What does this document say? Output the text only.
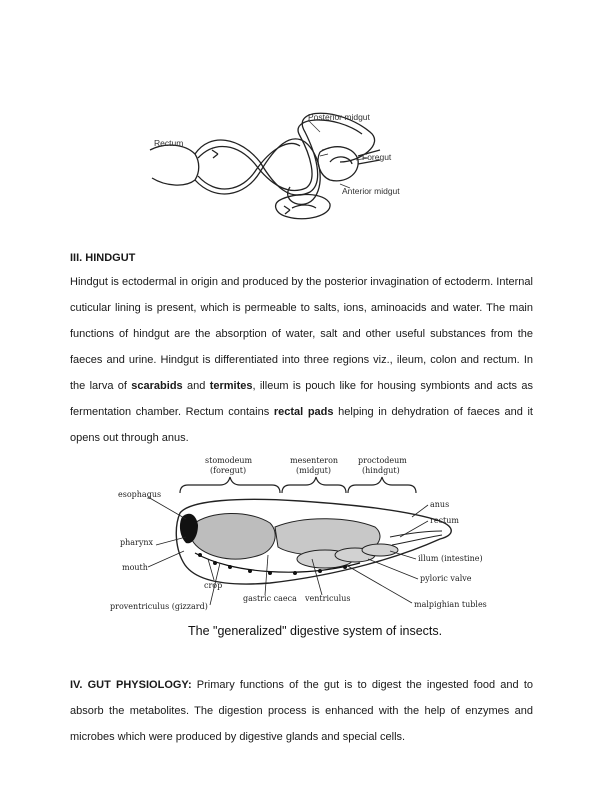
Posterior midgut
Rectum
Foregut
Anterior midgut
III. HINDGUT
Hindgut is ectodermal in origin and produced by the posterior invagination of ectoderm. Internal cuticular lining is present, which is permeable to salts, ions, aminoacids and water. The main functions of hindgut are the absorption of water, salt and other useful substances from the faeces and urine. Hindgut is differentiated into three regions viz., ileum, colon and rectum. In the larva of scarabids and termites, illeum is pouch like for housing symbionts and acts as fermentation chamber. Rectum contains rectal pads helping in dehydration of faeces and it opens out through anus.
stomodeum
(foregut)
mesenteron
(midgut)
proctodeum
(hindgut)
esophagus
pharynx
mouth
crop
proventriculus (gizzard)
gastric caeca ventriculus
anus
rectum
illum (intestine)
pyloric valve
malpighian tubles
The "generalized" digestive system of insects.
IV. GUT PHYSIOLOGY: Primary functions of the gut is to digest the ingested food and to absorb the metabolites. The digestion process is enhanced with the help of enzymes and microbes which were produced by digestive glands and special cells.
